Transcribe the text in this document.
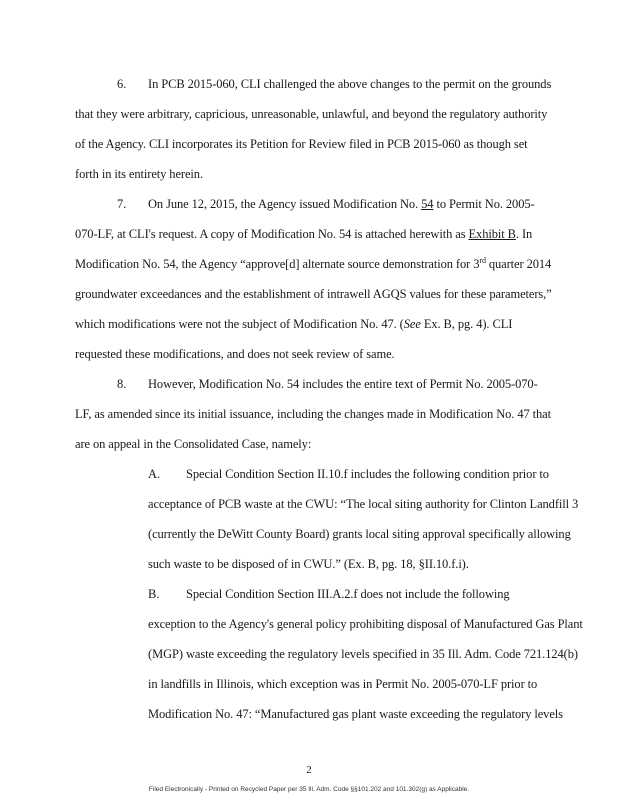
6. In PCB 2015-060, CLI challenged the above changes to the permit on the grounds
that they were arbitrary, capricious, unreasonable, unlawful, and beyond the regulatory authority
of the Agency. CLI incorporates its Petition for Review filed in PCB 2015-060 as though set
forth in its entirety herein.
7. On June 12, 2015, the Agency issued Modification No. 54 to Permit No. 2005-
070-LF, at CLI's request. A copy of Modification No. 54 is attached herewith as Exhibit B. In
Modification No. 54, the Agency “approve[d] alternate source demonstration for 3rd quarter 2014
groundwater exceedances and the establishment of intrawell AGQS values for these parameters,”
which modifications were not the subject of Modification No. 47. (See Ex. B, pg. 4). CLI
requested these modifications, and does not seek review of same.
8. However, Modification No. 54 includes the entire text of Permit No. 2005-070-
LF, as amended since its initial issuance, including the changes made in Modification No. 47 that
are on appeal in the Consolidated Case, namely:
A. Special Condition Section II.10.f includes the following condition prior to
acceptance of PCB waste at the CWU: “The local siting authority for Clinton Landfill 3
(currently the DeWitt County Board) grants local siting approval specifically allowing
such waste to be disposed of in CWU.” (Ex. B, pg. 18, §II.10.f.i).
B. Special Condition Section III.A.2.f does not include the following
exception to the Agency's general policy prohibiting disposal of Manufactured Gas Plant
(MGP) waste exceeding the regulatory levels specified in 35 Ill. Adm. Code 721.124(b)
in landfills in Illinois, which exception was in Permit No. 2005-070-LF prior to
Modification No. 47: “Manufactured gas plant waste exceeding the regulatory levels
2
Filed Electronically - Printed on Recycled Paper per 35 Ill. Adm. Code §§101.202 and 101.302(g) as Applicable.
